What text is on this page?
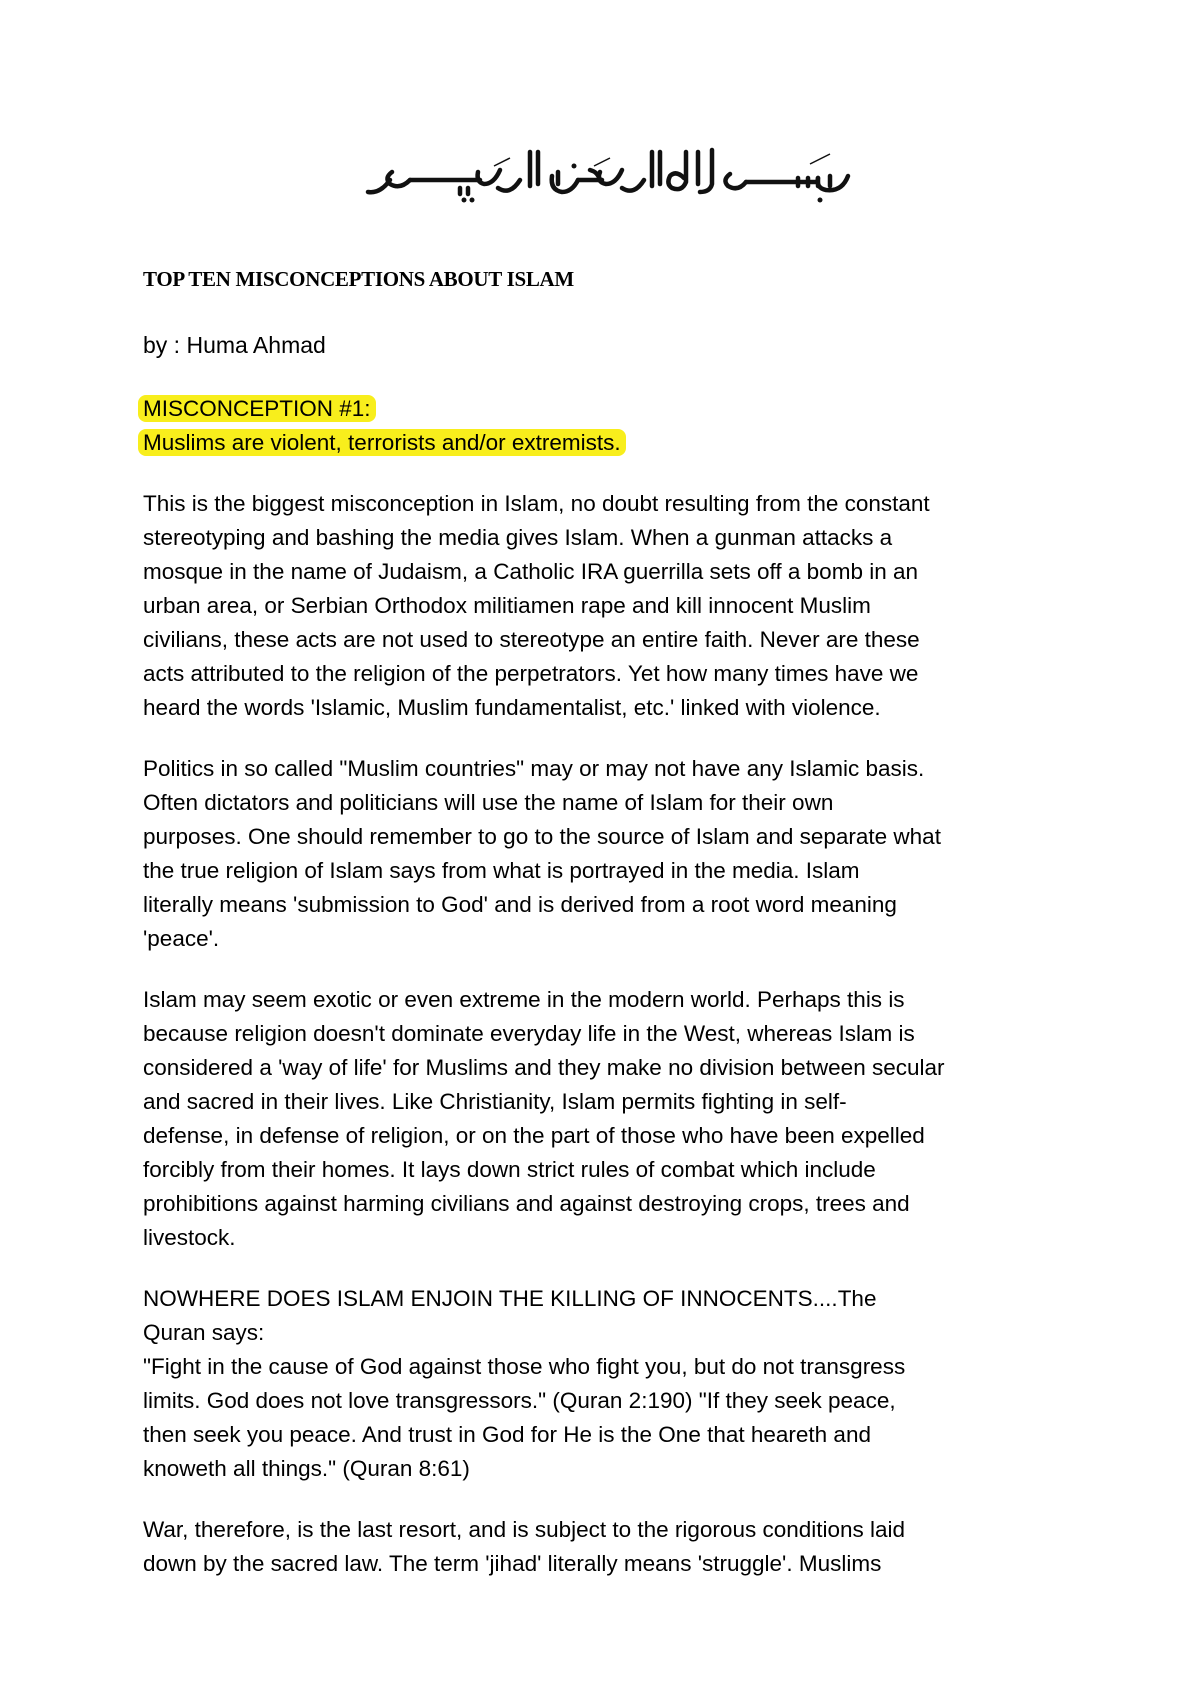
TOP TEN MISCONCEPTIONS ABOUT ISLAM
by : Huma Ahmad

MISCONCEPTION #1:
Muslims are violent, terrorists and/or extremists.

This is the biggest misconception in Islam, no doubt resulting from the constant
stereotyping and bashing the media gives Islam. When a gunman attacks a
mosque in the name of Judaism, a Catholic IRA guerrilla sets off a bomb in an
urban area, or Serbian Orthodox militiamen rape and kill innocent Muslim
civilians, these acts are not used to stereotype an entire faith. Never are these
acts attributed to the religion of the perpetrators. Yet how many times have we
heard the words 'Islamic, Muslim fundamentalist, etc.' linked with violence.

Politics in so called "Muslim countries" may or may not have any Islamic basis.
Often dictators and politicians will use the name of Islam for their own
purposes. One should remember to go to the source of Islam and separate what
the true religion of Islam says from what is portrayed in the media. Islam
literally means 'submission to God' and is derived from a root word meaning
'peace'.

Islam may seem exotic or even extreme in the modern world. Perhaps this is
because religion doesn't dominate everyday life in the West, whereas Islam is
considered a 'way of life' for Muslims and they make no division between secular
and sacred in their lives. Like Christianity, Islam permits fighting in self-
defense, in defense of religion, or on the part of those who have been expelled
forcibly from their homes. It lays down strict rules of combat which include
prohibitions against harming civilians and against destroying crops, trees and
livestock.

NOWHERE DOES ISLAM ENJOIN THE KILLING OF INNOCENTS....The
Quran says:
"Fight in the cause of God against those who fight you, but do not transgress
limits. God does not love transgressors." (Quran 2:190) "If they seek peace,
then seek you peace. And trust in God for He is the One that heareth and
knoweth all things." (Quran 8:61)

War, therefore, is the last resort, and is subject to the rigorous conditions laid
down by the sacred law. The term 'jihad' literally means 'struggle'. Muslims
